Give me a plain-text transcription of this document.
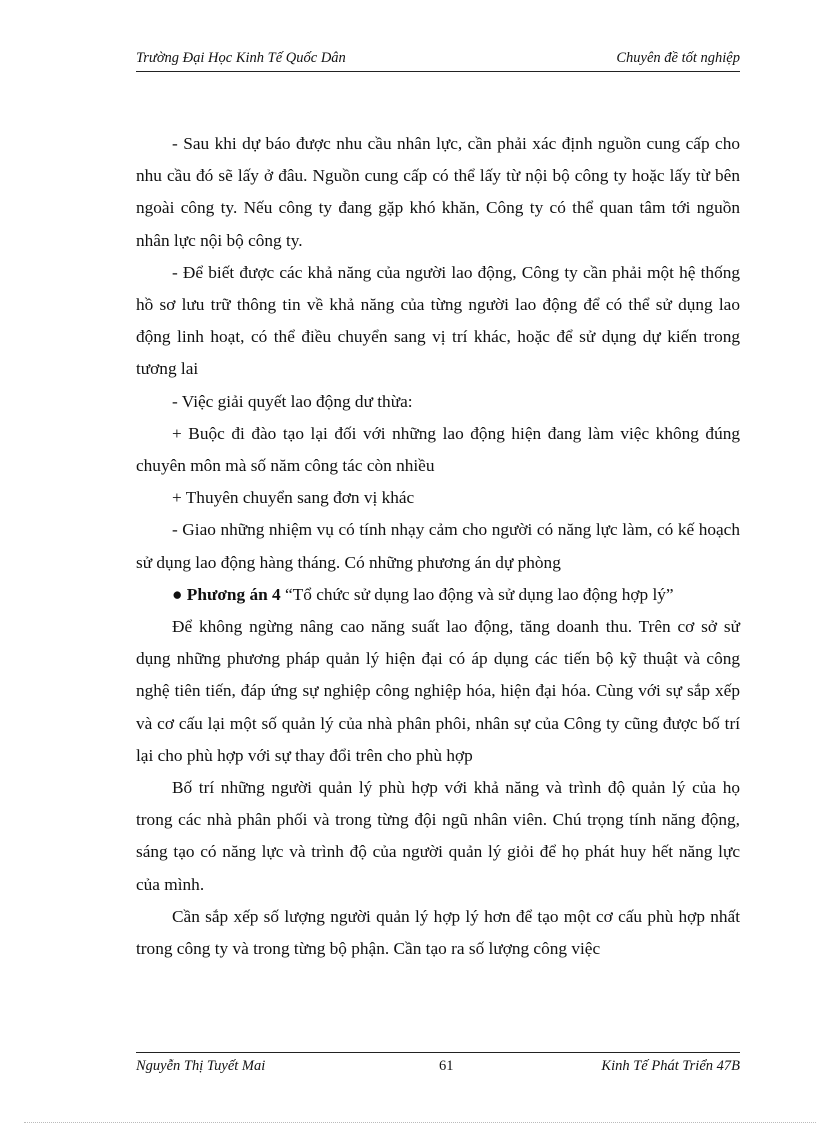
Trường Đại Học Kinh Tế Quốc Dân	Chuyên đề tốt nghiệp

- Sau khi dự báo được nhu cầu nhân lực, cần phải xác định nguồn cung cấp cho nhu cầu đó sẽ lấy ở đâu. Nguồn cung cấp có thể lấy từ nội bộ công ty hoặc lấy từ bên ngoài công ty. Nếu công ty đang gặp khó khăn, Công ty có thể quan tâm tới nguồn nhân lực nội bộ công ty.

- Để biết được các khả năng của người lao động, Công ty cần phải một hệ thống hồ sơ lưu trữ thông tin về khả năng của từng người lao động để có thể sử dụng lao động linh hoạt, có thể điều chuyển sang vị trí khác, hoặc để sử dụng dự kiến trong tương lai

- Việc giải quyết lao động dư thừa:

+ Buộc đi đào tạo lại đối với những lao động hiện đang làm việc không đúng chuyên môn mà số năm công tác còn nhiều

+ Thuyên chuyển sang đơn vị khác

- Giao những nhiệm vụ có tính nhạy cảm cho người có năng lực làm, có kế hoạch sử dụng lao động hàng tháng. Có những phương án dự phòng

● Phương án 4 “Tổ chức sử dụng lao động và sử dụng lao động hợp lý”

Để không ngừng nâng cao năng suất lao động, tăng doanh thu. Trên cơ sở sử dụng những phương pháp quản lý hiện đại có áp dụng các tiến bộ kỹ thuật và công nghệ tiên tiến, đáp ứng sự nghiệp công nghiệp hóa, hiện đại hóa. Cùng với sự sắp xếp và cơ cấu lại một số quản lý của nhà phân phôi, nhân sự của Công ty cũng được bố trí lại cho phù hợp với sự thay đổi trên cho phù hợp

Bố trí những người quản lý phù hợp với khả năng và trình độ quản lý của họ trong các nhà phân phối và trong từng đội ngũ nhân viên. Chú trọng tính năng động, sáng tạo có năng lực và trình độ của người quản lý giỏi để họ phát huy hết năng lực của mình.

Cần sắp xếp số lượng người quản lý hợp lý hơn để tạo một cơ cấu phù hợp nhất trong công ty và trong từng bộ phận. Cần tạo ra số lượng công việc

Nguyễn Thị Tuyết Mai	61	Kinh Tế Phát Triển 47B
